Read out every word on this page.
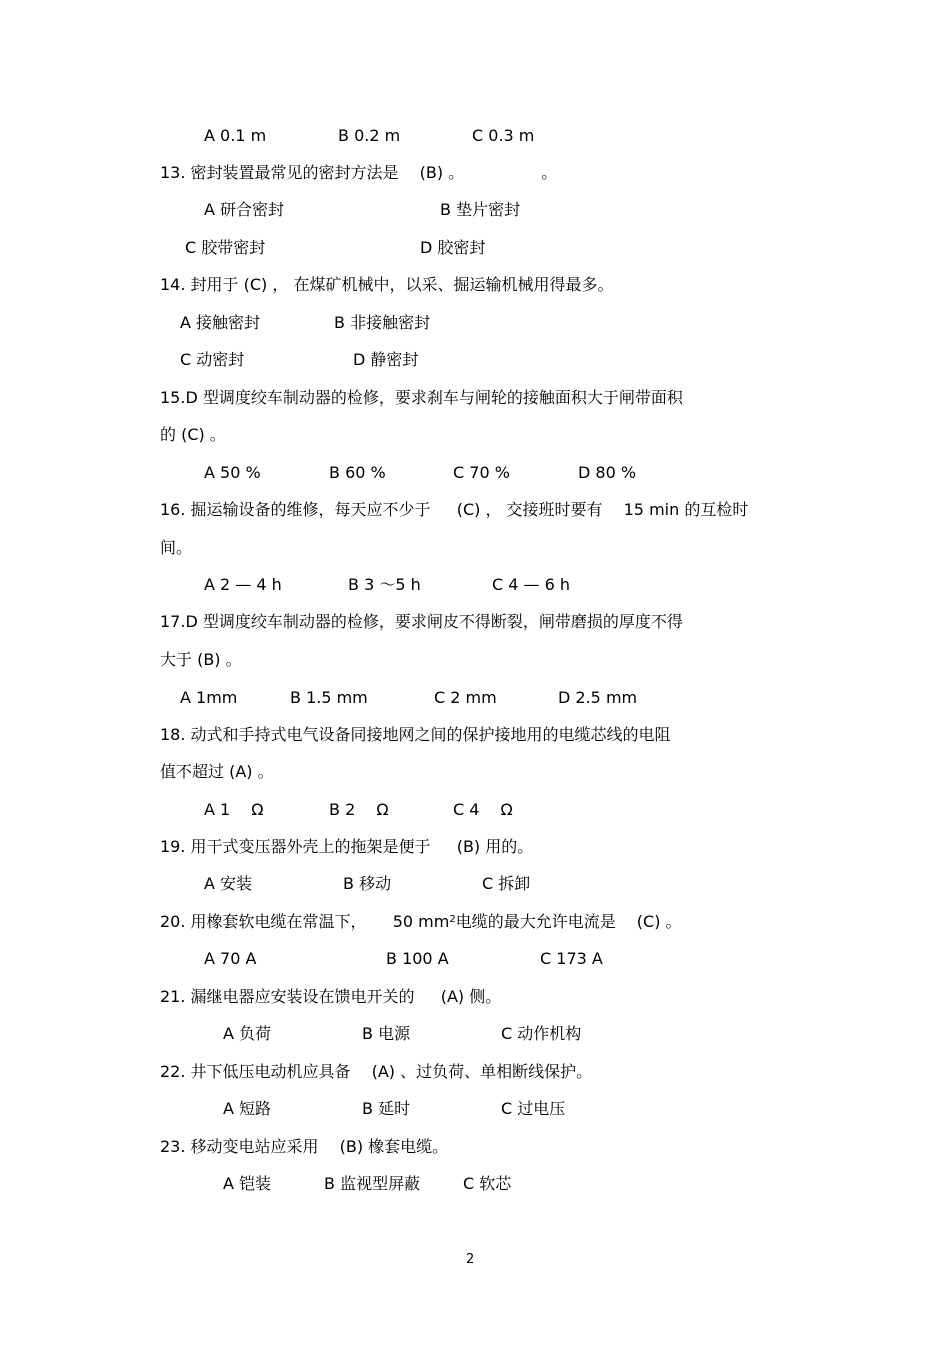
A 0.1 m	B 0.2 m	C 0.3 m
13. 密封装置最常见的密封方法是 　(B) 。　　　　　 。
A 研合密封	B 垫片密封
C 胶带密封	D 胶密封
14. 封用于 (C) ， 在煤矿机械中，以采、掘运输机械用得最多。
A 接触密封	B 非接触密封
C 动密封	D 静密封
15.D 型调度绞车制动器的检修，要求刹车与闸轮的接触面积大于闸带面积
的 (C) 。
A 50 %	B 60 %	C 70 %	D 80 %
16. 掘运输设备的维修，每天应不少于 　 (C) ， 交接班时要有 　15 min 的互检时
间。
A 2 — 4 h	B 3 ～5 h	C 4 — 6 h
17.D 型调度绞车制动器的检修，要求闸皮不得断裂，闸带磨损的厚度不得
大于 (B) 。
A 1mm	B 1.5 mm	C 2 mm	D 2.5 mm
18. 动式和手持式电气设备同接地网之间的保护接地用的电缆芯线的电阻
值不超过 (A) 。
A 1 　Ω	B 2 　Ω	C 4 　Ω
19. 用干式变压器外壳上的拖架是便于 　 (B) 用的。
A 安装	B 移动	C 拆卸
20. 用橡套软电缆在常温下， 　 50 $mm^2$电缆的最大允许电流是 　(C) 。
A 70 A	B 100 A	C 173 A
21. 漏继电器应安装设在馈电开关的 　 (A) 侧。
A 负荷	B 电源	C 动作机构
22. 井下低压电动机应具备 　(A) 、过负荷、单相断线保护。
A 短路	B 延时	C 过电压
23. 移动变电站应采用 　(B) 橡套电缆。
A 铠装	B 监视型屏蔽	C 软芯
2
